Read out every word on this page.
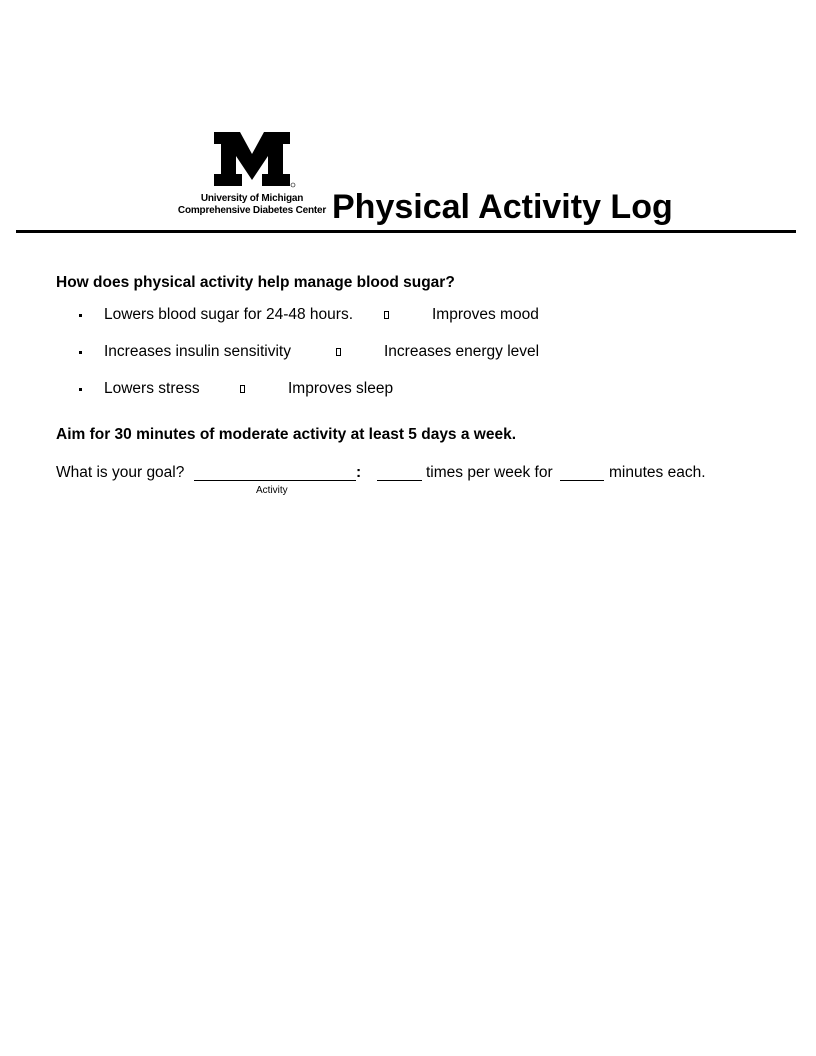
University of Michigan
Comprehensive Diabetes Center Physical Activity Log
How does physical activity help manage blood sugar?
Lowers blood sugar for 24-48 hours.	Improves mood
Increases insulin sensitivity	Increases energy level
Lowers stress	Improves sleep
Aim for 30 minutes of moderate activity at least 5 days a week.
What is your goal?	:	times per week for	minutes each.
Activity
